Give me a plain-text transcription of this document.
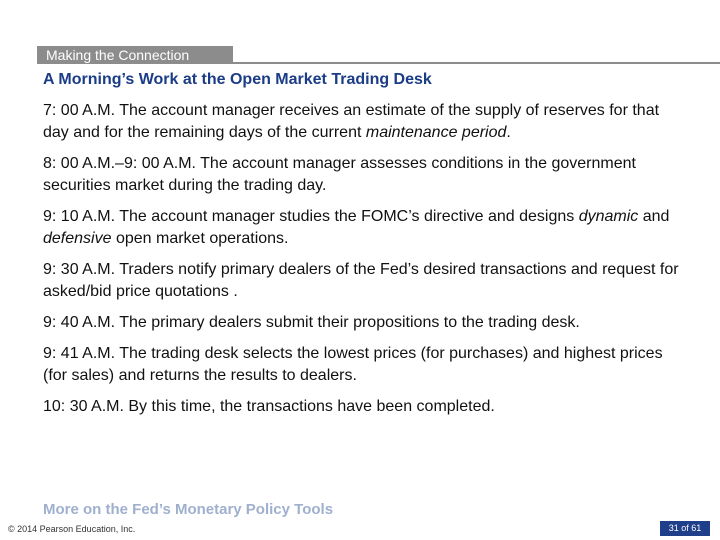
Making the Connection
A Morning’s Work at the Open Market Trading Desk
7: 00 A.M. The account manager receives an estimate of the supply of reserves for that day and for the remaining days of the current maintenance period.
8: 00 A.M.–9: 00 A.M. The account manager assesses conditions in the government securities market during the trading day.
9: 10 A.M. The account manager studies the FOMC’s directive and designs dynamic and defensive open market operations.
9: 30 A.M. Traders notify primary dealers of the Fed’s desired transactions and request for asked/bid price quotations .
9: 40 A.M. The primary dealers submit their propositions to the trading desk.
9: 41 A.M. The trading desk selects the lowest prices (for purchases) and highest prices (for sales) and returns the results to dealers.
10: 30 A.M. By this time, the transactions have been completed.
More on the Fed’s Monetary Policy Tools
© 2014 Pearson Education, Inc.	31 of 61
